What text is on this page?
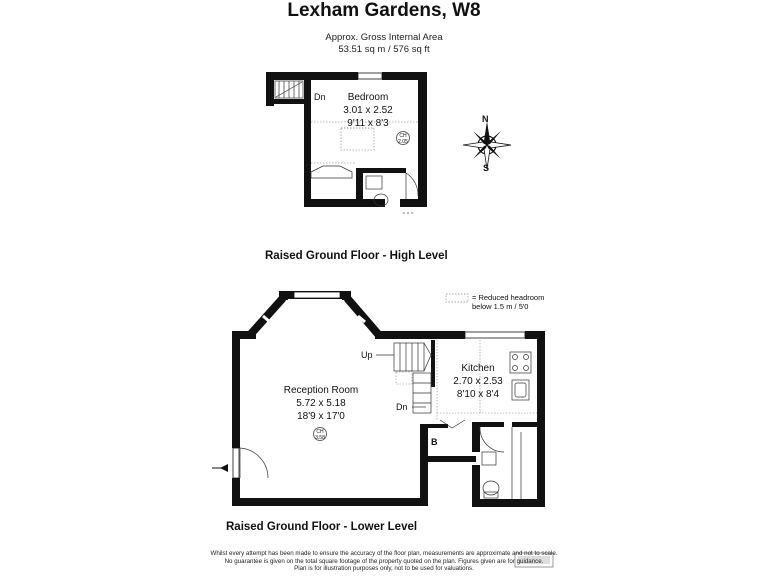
Lexham Gardens, W8
Approx. Gross Internal Area
53.51 sq m / 576 sq ft
N
S
Dn	Bedroom
3.01 x 2.52
9'11 x 8'3
CH
2.05
Raised Ground Floor - High Level
= Reduced headroom
below 1.5 m / 5'0
Up
Dn
B
Reception Room
5.72 x 5.18
18'9 x 17'0
CH
3.58
Kitchen
2.70 x 2.53
8'10 x 8'4
Raised Ground Floor - Lower Level
Whilst every attempt has been made to ensure the accuracy of the floor plan, measurements are approximate and not to scale.
No guarantee is given on the total square footage of the property quoted on the plan. Figures given are for guidance.
Plan is for illustration purposes only, not to be used for valuations.
